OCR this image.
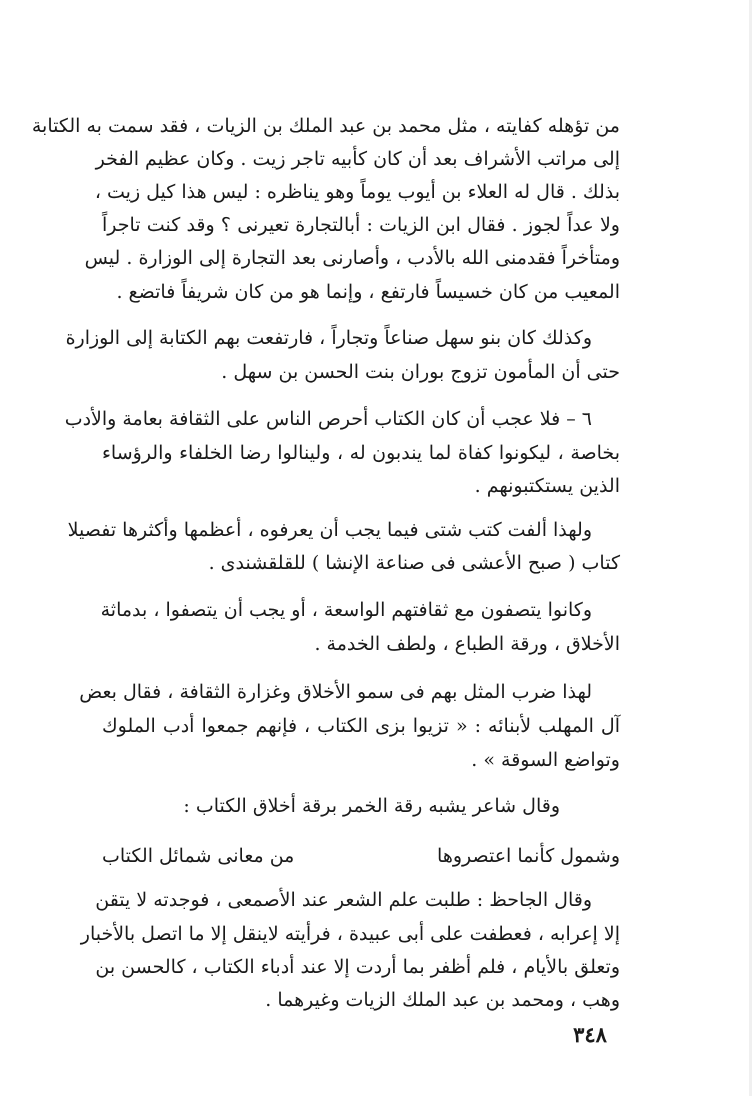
من تؤهله كفايته ، مثل محمد بن عبد الملك بن الزيات ، فقد سمت به الكتابة
إلى مراتب الأشراف بعد أن كان كأبيه تاجر زيت . وكان عظيم الفخر
بذلك . قال له العلاء بن أيوب يوماً وهو يناظره : ليس هذا كيل زيت ،
ولا عداً لجوز . فقال ابن الزيات : أبالتجارة تعيرنى ؟ وقد كنت تاجراً
ومتأخراً فقدمنى الله بالأدب ، وأصارنى بعد التجارة إلى الوزارة . ليس
المعيب من كان خسيساً فارتفع ، وإنما هو من كان شريفاً فاتضع .
وكذلك كان بنو سهل صناعاً وتجاراً ، فارتفعت بهم الكتابة إلى الوزارة
حتى أن المأمون تزوج بوران بنت الحسن بن سهل .
٦ – فلا عجب أن كان الكتاب أحرص الناس على الثقافة بعامة والأدب
بخاصة ، ليكونوا كفاة لما يندبون له ، ولينالوا رضا الخلفاء والرؤساء
الذين يستكتبونهم .
ولهذا ألفت كتب شتى فيما يجب أن يعرفوه ، أعظمها وأكثرها تفصيلا
كتاب ( صبح الأعشى فى صناعة الإنشا ) للقلقشندى .
وكانوا يتصفون مع ثقافتهم الواسعة ، أو يجب أن يتصفوا ، بدماثة
الأخلاق ، ورقة الطباع ، ولطف الخدمة .
لهذا ضرب المثل بهم فى سمو الأخلاق وغزارة الثقافة ، فقال بعض
آل المهلب لأبنائه : « تزيوا بزى الكتاب ، فإنهم جمعوا أدب الملوك
وتواضع السوقة » .
وقال شاعر يشبه رقة الخمر برقة أخلاق الكتاب :
وشمول كأنما اعتصروها
من معانى شمائل الكتاب
وقال الجاحظ : طلبت علم الشعر عند الأصمعى ، فوجدته لا يتقن
إلا إعرابه ، فعطفت على أبى عبيدة ، فرأيته لاينقل إلا ما اتصل بالأخبار
وتعلق بالأيام ، فلم أظفر بما أردت إلا عند أدباء الكتاب ، كالحسن بن
وهب ، ومحمد بن عبد الملك الزيات وغيرهما .
٣٤٨
